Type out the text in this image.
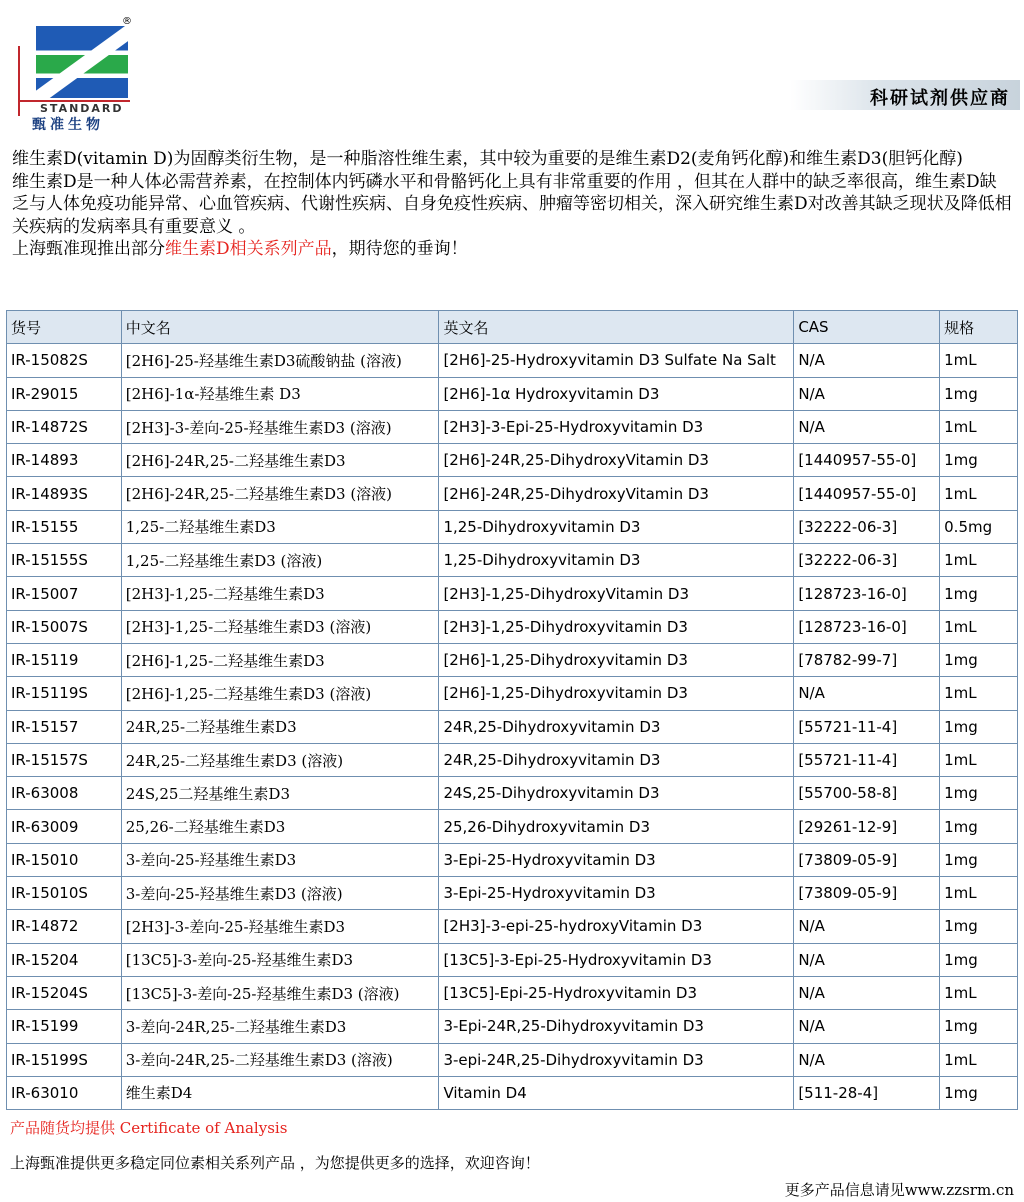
®
STANDARD
甄准生物
科研试剂供应商

维生素D(vitamin D)为固醇类衍生物，是一种脂溶性维生素，其中较为重要的是维生素D2(麦角钙化醇)和维生素D3(胆钙化醇)

维生素D是一种人体必需营养素，在控制体内钙磷水平和骨骼钙化上具有非常重要的作用 ，但其在人群中的缺乏率很高，维生素D缺乏与人体免疫功能异常、心血管疾病、代谢性疾病、自身免疫性疾病、肿瘤等密切相关，深入研究维生素D对改善其缺乏现状及降低相关疾病的发病率具有重要意义 。

上海甄准现推出部分维生素D相关系列产品，期待您的垂询！

货号	中文名	英文名	CAS	规格
IR-15082S	[2H6]-25-羟基维生素D3硫酸钠盐 (溶液)	[2H6]-25-Hydroxyvitamin D3 Sulfate Na Salt	N/A	1mL
IR-29015	[2H6]-1α-羟基维生素 D3	[2H6]-1α Hydroxyvitamin D3	N/A	1mg
IR-14872S	[2H3]-3-差向-25-羟基维生素D3 (溶液)	[2H3]-3-Epi-25-Hydroxyvitamin D3	N/A	1mL
IR-14893	[2H6]-24R,25-二羟基维生素D3	[2H6]-24R,25-DihydroxyVitamin D3	[1440957-55-0]	1mg
IR-14893S	[2H6]-24R,25-二羟基维生素D3 (溶液)	[2H6]-24R,25-DihydroxyVitamin D3	[1440957-55-0]	1mL
IR-15155	1,25-二羟基维生素D3	1,25-Dihydroxyvitamin D3	[32222-06-3]	0.5mg
IR-15155S	1,25-二羟基维生素D3 (溶液)	1,25-Dihydroxyvitamin D3	[32222-06-3]	1mL
IR-15007	[2H3]-1,25-二羟基维生素D3	[2H3]-1,25-DihydroxyVitamin D3	[128723-16-0]	1mg
IR-15007S	[2H3]-1,25-二羟基维生素D3 (溶液)	[2H3]-1,25-Dihydroxyvitamin D3	[128723-16-0]	1mL
IR-15119	[2H6]-1,25-二羟基维生素D3	[2H6]-1,25-Dihydroxyvitamin D3	[78782-99-7]	1mg
IR-15119S	[2H6]-1,25-二羟基维生素D3 (溶液)	[2H6]-1,25-Dihydroxyvitamin D3	N/A	1mL
IR-15157	24R,25-二羟基维生素D3	24R,25-Dihydroxyvitamin D3	[55721-11-4]	1mg
IR-15157S	24R,25-二羟基维生素D3 (溶液)	24R,25-Dihydroxyvitamin D3	[55721-11-4]	1mL
IR-63008	24S,25二羟基维生素D3	24S,25-Dihydroxyvitamin D3	[55700-58-8]	1mg
IR-63009	25,26-二羟基维生素D3	25,26-Dihydroxyvitamin D3	[29261-12-9]	1mg
IR-15010	3-差向-25-羟基维生素D3	3-Epi-25-Hydroxyvitamin D3	[73809-05-9]	1mg
IR-15010S	3-差向-25-羟基维生素D3 (溶液)	3-Epi-25-Hydroxyvitamin D3	[73809-05-9]	1mL
IR-14872	[2H3]-3-差向-25-羟基维生素D3	[2H3]-3-epi-25-hydroxyVitamin D3	N/A	1mg
IR-15204	[13C5]-3-差向-25-羟基维生素D3	[13C5]-3-Epi-25-Hydroxyvitamin D3	N/A	1mg
IR-15204S	[13C5]-3-差向-25-羟基维生素D3 (溶液)	[13C5]-Epi-25-Hydroxyvitamin D3	N/A	1mL
IR-15199	3-差向-24R,25-二羟基维生素D3	3-Epi-24R,25-Dihydroxyvitamin D3	N/A	1mg
IR-15199S	3-差向-24R,25-二羟基维生素D3 (溶液)	3-epi-24R,25-Dihydroxyvitamin D3	N/A	1mL
IR-63010	维生素D4	Vitamin D4	[511-28-4]	1mg
产品随货均提供 Certificate of Analysis
上海甄准提供更多稳定同位素相关系列产品 ，为您提供更多的选择，欢迎咨询！
更多产品信息请见www.zzsrm.cn
